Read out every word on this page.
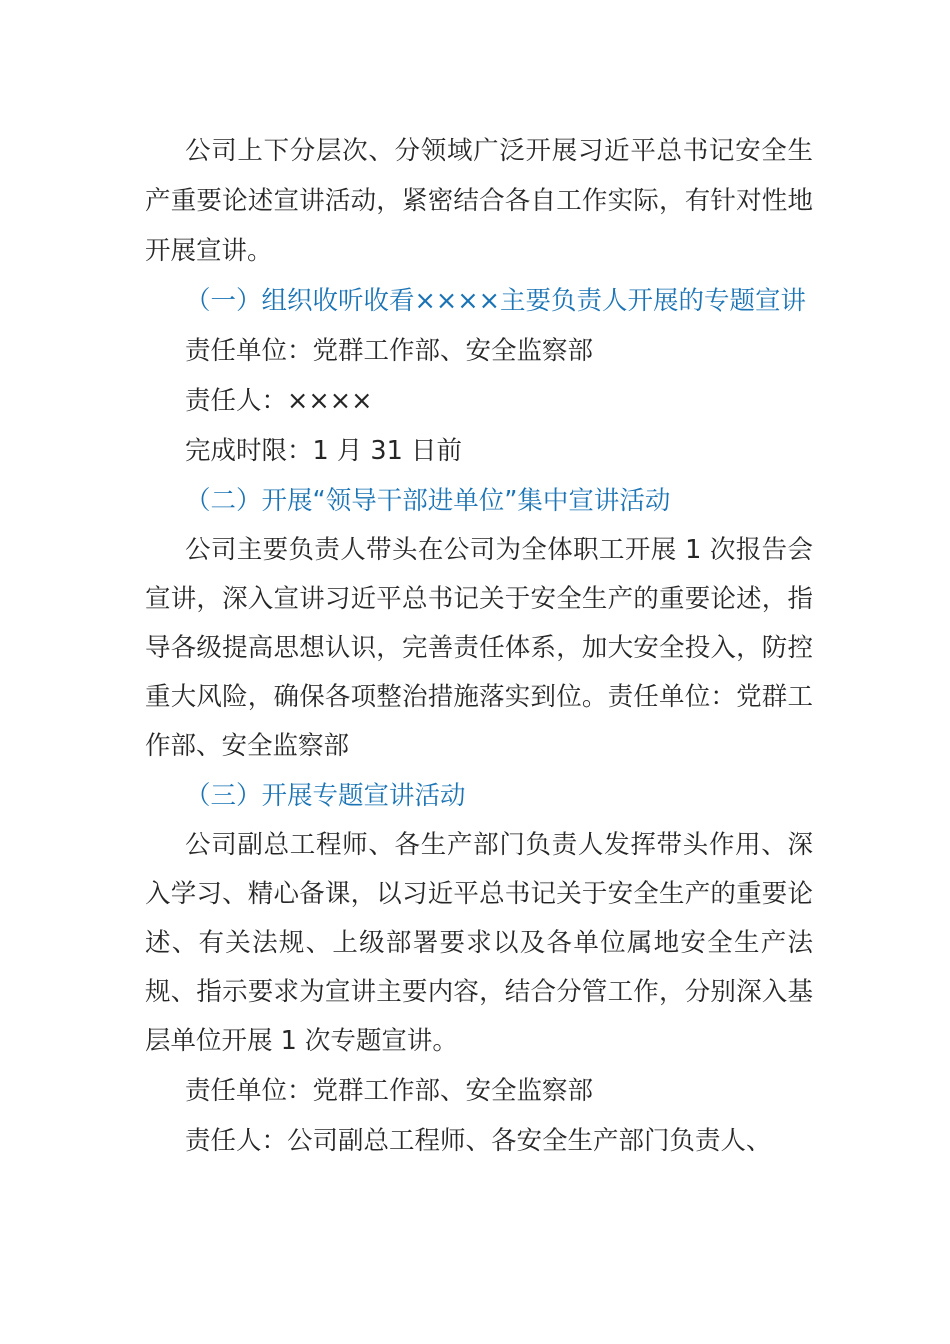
公司上下分层次、分领域广泛开展习近平总书记安全生产重要论述宣讲活动，紧密结合各自工作实际，有针对性地开展宣讲。

（一）组织收听收看××××主要负责人开展的专题宣讲

责任单位：党群工作部、安全监察部

责任人：××××

完成时限：1 月 31 日前

（二）开展“领导干部进单位”集中宣讲活动

公司主要负责人带头在公司为全体职工开展 1 次报告会宣讲，深入宣讲习近平总书记关于安全生产的重要论述，指导各级提高思想认识，完善责任体系，加大安全投入，防控重大风险，确保各项整治措施落实到位。责任单位：党群工作部、安全监察部

（三）开展专题宣讲活动

公司副总工程师、各生产部门负责人发挥带头作用、深入学习、精心备课，以习近平总书记关于安全生产的重要论述、有关法规、上级部署要求以及各单位属地安全生产法规、指示要求为宣讲主要内容，结合分管工作，分别深入基层单位开展 1 次专题宣讲。

责任单位：党群工作部、安全监察部

责任人：公司副总工程师、各安全生产部门负责人、
